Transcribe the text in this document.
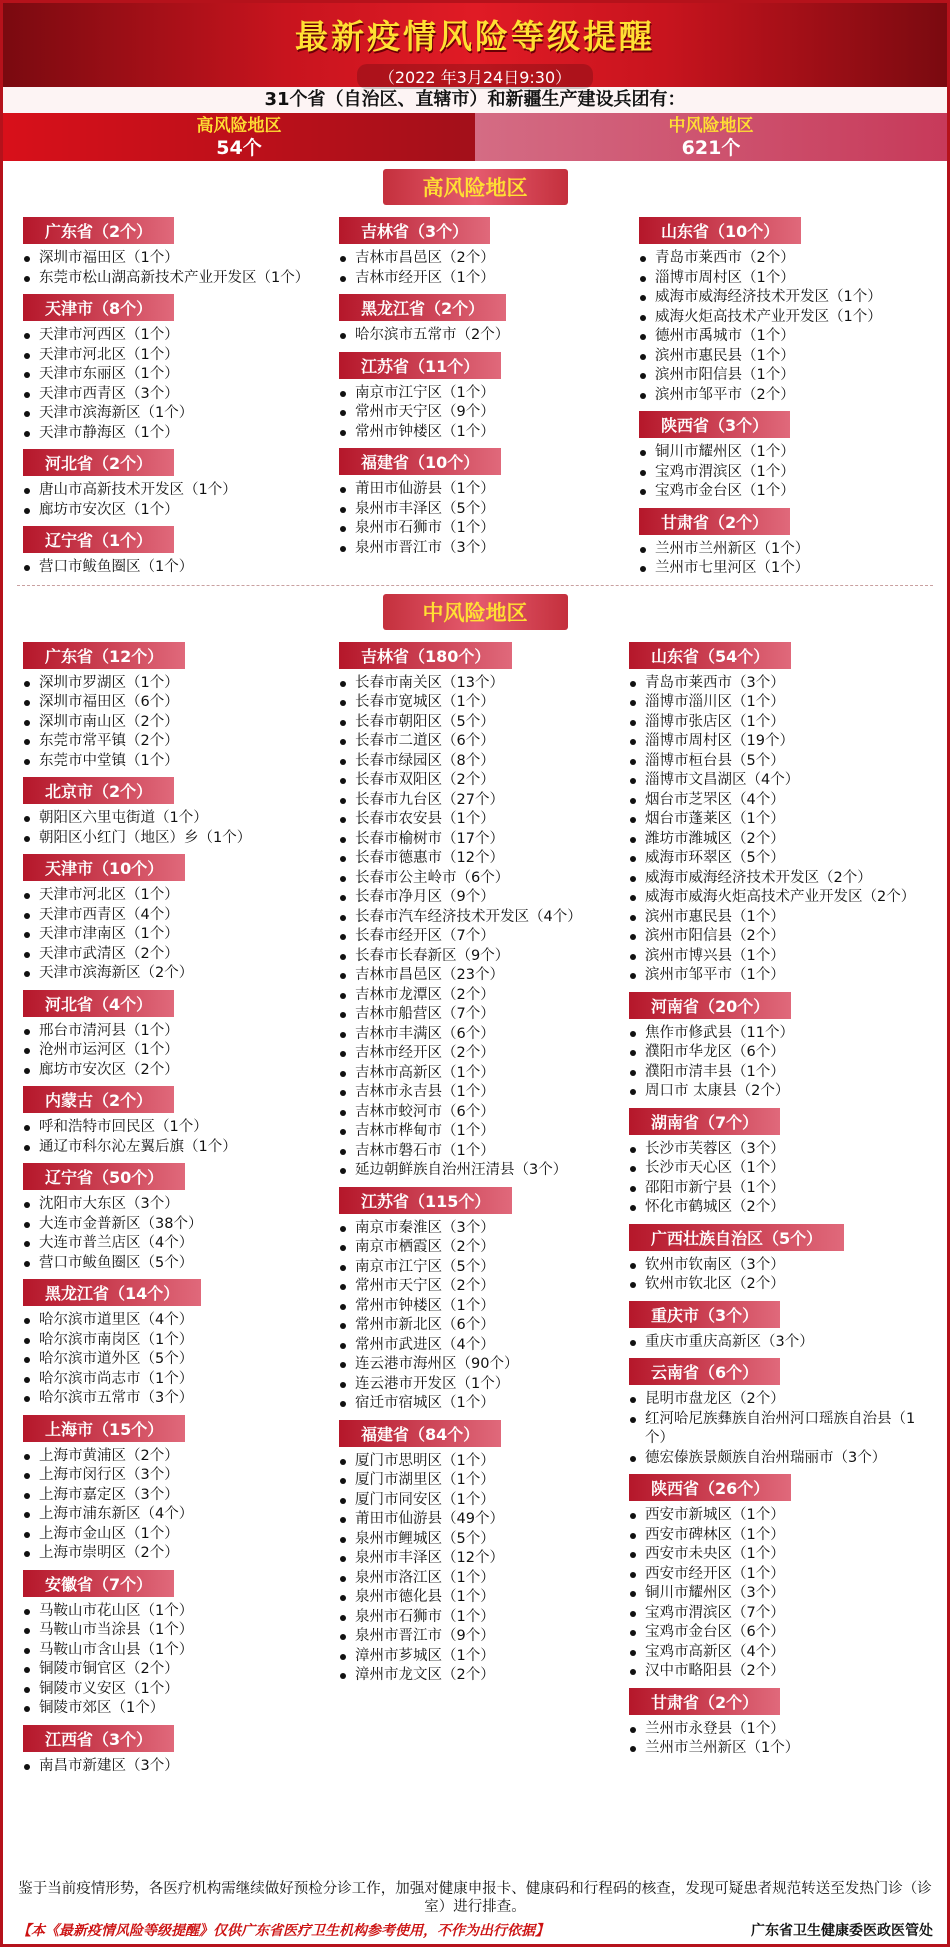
最新疫情风险等级提醒
（2022 年3月24日9:30）
31个省（自治区、直辖市）和新疆生产建设兵团有：
高风险地区
54个
中风险地区
621个
高风险地区
广东省（2个）
深圳市福田区（1个）
东莞市松山湖高新技术产业开发区（1个）
天津市（8个）
天津市河西区（1个）
天津市河北区（1个）
天津市东丽区（1个）
天津市西青区（3个）
天津市滨海新区（1个）
天津市静海区（1个）
河北省（2个）
唐山市高新技术开发区（1个）
廊坊市安次区（1个）
辽宁省（1个）
营口市鲅鱼圈区（1个）
吉林省（3个）
吉林市昌邑区（2个）
吉林市经开区（1个）
黑龙江省（2个）
哈尔滨市五常市（2个）
江苏省（11个）
南京市江宁区（1个）
常州市天宁区（9个）
常州市钟楼区（1个）
福建省（10个）
莆田市仙游县（1个）
泉州市丰泽区（5个）
泉州市石狮市（1个）
泉州市晋江市（3个）
山东省（10个）
青岛市莱西市（2个）
淄博市周村区（1个）
威海市威海经济技术开发区（1个）
威海火炬高技术产业开发区（1个）
德州市禹城市（1个）
滨州市惠民县（1个）
滨州市阳信县（1个）
滨州市邹平市（2个）
陕西省（3个）
铜川市耀州区（1个）
宝鸡市渭滨区（1个）
宝鸡市金台区（1个）
甘肃省（2个）
兰州市兰州新区（1个）
兰州市七里河区（1个）
中风险地区
广东省（12个）
深圳市罗湖区（1个）
深圳市福田区（6个）
深圳市南山区（2个）
东莞市常平镇（2个）
东莞市中堂镇（1个）
北京市（2个）
朝阳区六里屯街道（1个）
朝阳区小红门（地区）乡（1个）
天津市（10个）
天津市河北区（1个）
天津市西青区（4个）
天津市津南区（1个）
天津市武清区（2个）
天津市滨海新区（2个）
河北省（4个）
邢台市清河县（1个）
沧州市运河区（1个）
廊坊市安次区（2个）
内蒙古（2个）
呼和浩特市回民区（1个）
通辽市科尔沁左翼后旗（1个）
辽宁省（50个）
沈阳市大东区（3个）
大连市金普新区（38个）
大连市普兰店区（4个）
营口市鲅鱼圈区（5个）
黑龙江省（14个）
哈尔滨市道里区（4个）
哈尔滨市南岗区（1个）
哈尔滨市道外区（5个）
哈尔滨市尚志市（1个）
哈尔滨市五常市（3个）
上海市（15个）
上海市黄浦区（2个）
上海市闵行区（3个）
上海市嘉定区（3个）
上海市浦东新区（4个）
上海市金山区（1个）
上海市崇明区（2个）
安徽省（7个）
马鞍山市花山区（1个）
马鞍山市当涂县（1个）
马鞍山市含山县（1个）
铜陵市铜官区（2个）
铜陵市义安区（1个）
铜陵市郊区（1个）
江西省（3个）
南昌市新建区（3个）
吉林省（180个）
长春市南关区（13个）
长春市宽城区（1个）
长春市朝阳区（5个）
长春市二道区（6个）
长春市绿园区（8个）
长春市双阳区（2个）
长春市九台区（27个）
长春市农安县（1个）
长春市榆树市（17个）
长春市德惠市（12个）
长春市公主岭市（6个）
长春市净月区（9个）
长春市汽车经济技术开发区（4个）
长春市经开区（7个）
长春市长春新区（9个）
吉林市昌邑区（23个）
吉林市龙潭区（2个）
吉林市船营区（7个）
吉林市丰满区（6个）
吉林市经开区（2个）
吉林市高新区（1个）
吉林市永吉县（1个）
吉林市蛟河市（6个）
吉林市桦甸市（1个）
吉林市磐石市（1个）
延边朝鲜族自治州汪清县（3个）
江苏省（115个）
南京市秦淮区（3个）
南京市栖霞区（2个）
南京市江宁区（5个）
常州市天宁区（2个）
常州市钟楼区（1个）
常州市新北区（6个）
常州市武进区（4个）
连云港市海州区（90个）
连云港市开发区（1个）
宿迁市宿城区（1个）
福建省（84个）
厦门市思明区（1个）
厦门市湖里区（1个）
厦门市同安区（1个）
莆田市仙游县（49个）
泉州市鲤城区（5个）
泉州市丰泽区（12个）
泉州市洛江区（1个）
泉州市德化县（1个）
泉州市石狮市（1个）
泉州市晋江市（9个）
漳州市芗城区（1个）
漳州市龙文区（2个）
山东省（54个）
青岛市莱西市（3个）
淄博市淄川区（1个）
淄博市张店区（1个）
淄博市周村区（19个）
淄博市桓台县（5个）
淄博市文昌湖区（4个）
烟台市芝罘区（4个）
烟台市蓬莱区（1个）
潍坊市潍城区（2个）
威海市环翠区（5个）
威海市威海经济技术开发区（2个）
威海市威海火炬高技术产业开发区（2个）
滨州市惠民县（1个）
滨州市阳信县（2个）
滨州市博兴县（1个）
滨州市邹平市（1个）
河南省（20个）
焦作市修武县（11个）
濮阳市华龙区（6个）
濮阳市清丰县（1个）
周口市 太康县（2个）
湖南省（7个）
长沙市芙蓉区（3个）
长沙市天心区（1个）
邵阳市新宁县（1个）
怀化市鹤城区（2个）
广西壮族自治区（5个）
钦州市钦南区（3个）
钦州市钦北区（2个）
重庆市（3个）
重庆市重庆高新区（3个）
云南省（6个）
昆明市盘龙区（2个）
红河哈尼族彝族自治州河口瑶族自治县（1个）
德宏傣族景颇族自治州瑞丽市（3个）
陕西省（26个）
西安市新城区（1个）
西安市碑林区（1个）
西安市未央区（1个）
西安市经开区（1个）
铜川市耀州区（3个）
宝鸡市渭滨区（7个）
宝鸡市金台区（6个）
宝鸡市高新区（4个）
汉中市略阳县（2个）
甘肃省（2个）
兰州市永登县（1个）
兰州市兰州新区（1个）
鉴于当前疫情形势，各医疗机构需继续做好预检分诊工作，加强对健康申报卡、健康码和行程码的核查，发现可疑患者规范转送至发热门诊（诊室）进行排查。
【本《最新疫情风险等级提醒》仅供广东省医疗卫生机构参考使用，不作为出行依据】	广东省卫生健康委医政医管处
